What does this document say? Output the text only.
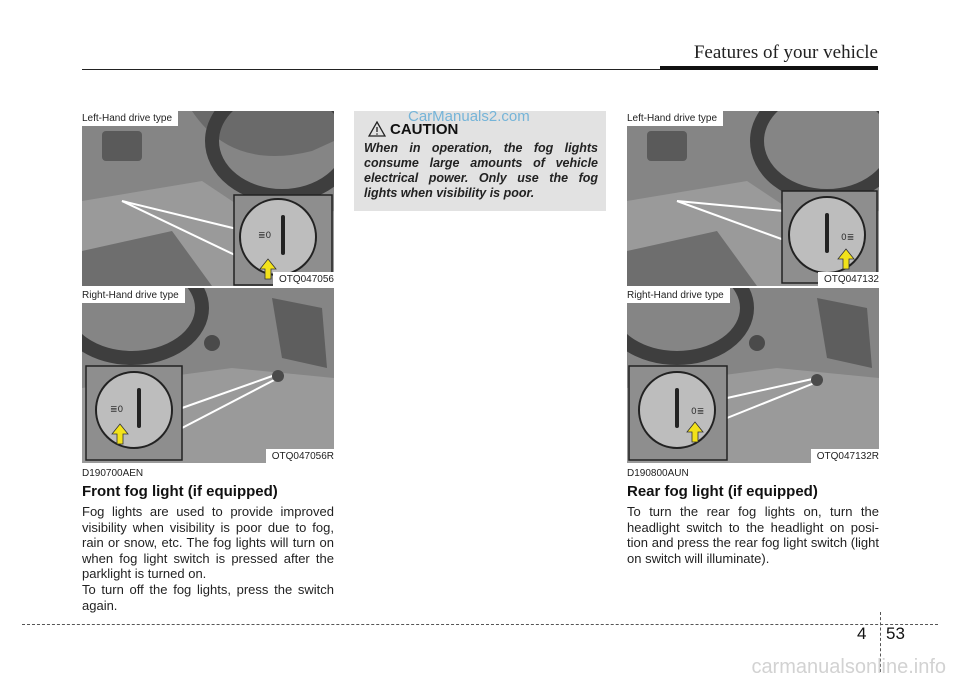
Features of your vehicle
≣0
Left-Hand drive type
OTQ047056
≣0
Right-Hand drive type
OTQ047056R
D190700AEN
Front fog light (if equipped)
Fog lights are used to provide improved visibility when visibility is poor due to fog, rain or snow, etc. The fog lights will turn on when fog light switch is pressed after the parklight is turned on.
To turn off the fog lights, press the switch again.
CAUTION
When in operation, the fog lights consume large amounts of vehicle electrical power. Only use the fog lights when visibility is poor.
CarManuals2.com
0≣
Left-Hand drive type
OTQ047132
0≣
Right-Hand drive type
OTQ047132R
D190800AUN
Rear fog light (if equipped)
To turn the rear fog lights on, turn the headlight switch to the headlight on posi-tion and press the rear fog light switch (light on switch will illuminate).
4 53
carmanualsonline.info
